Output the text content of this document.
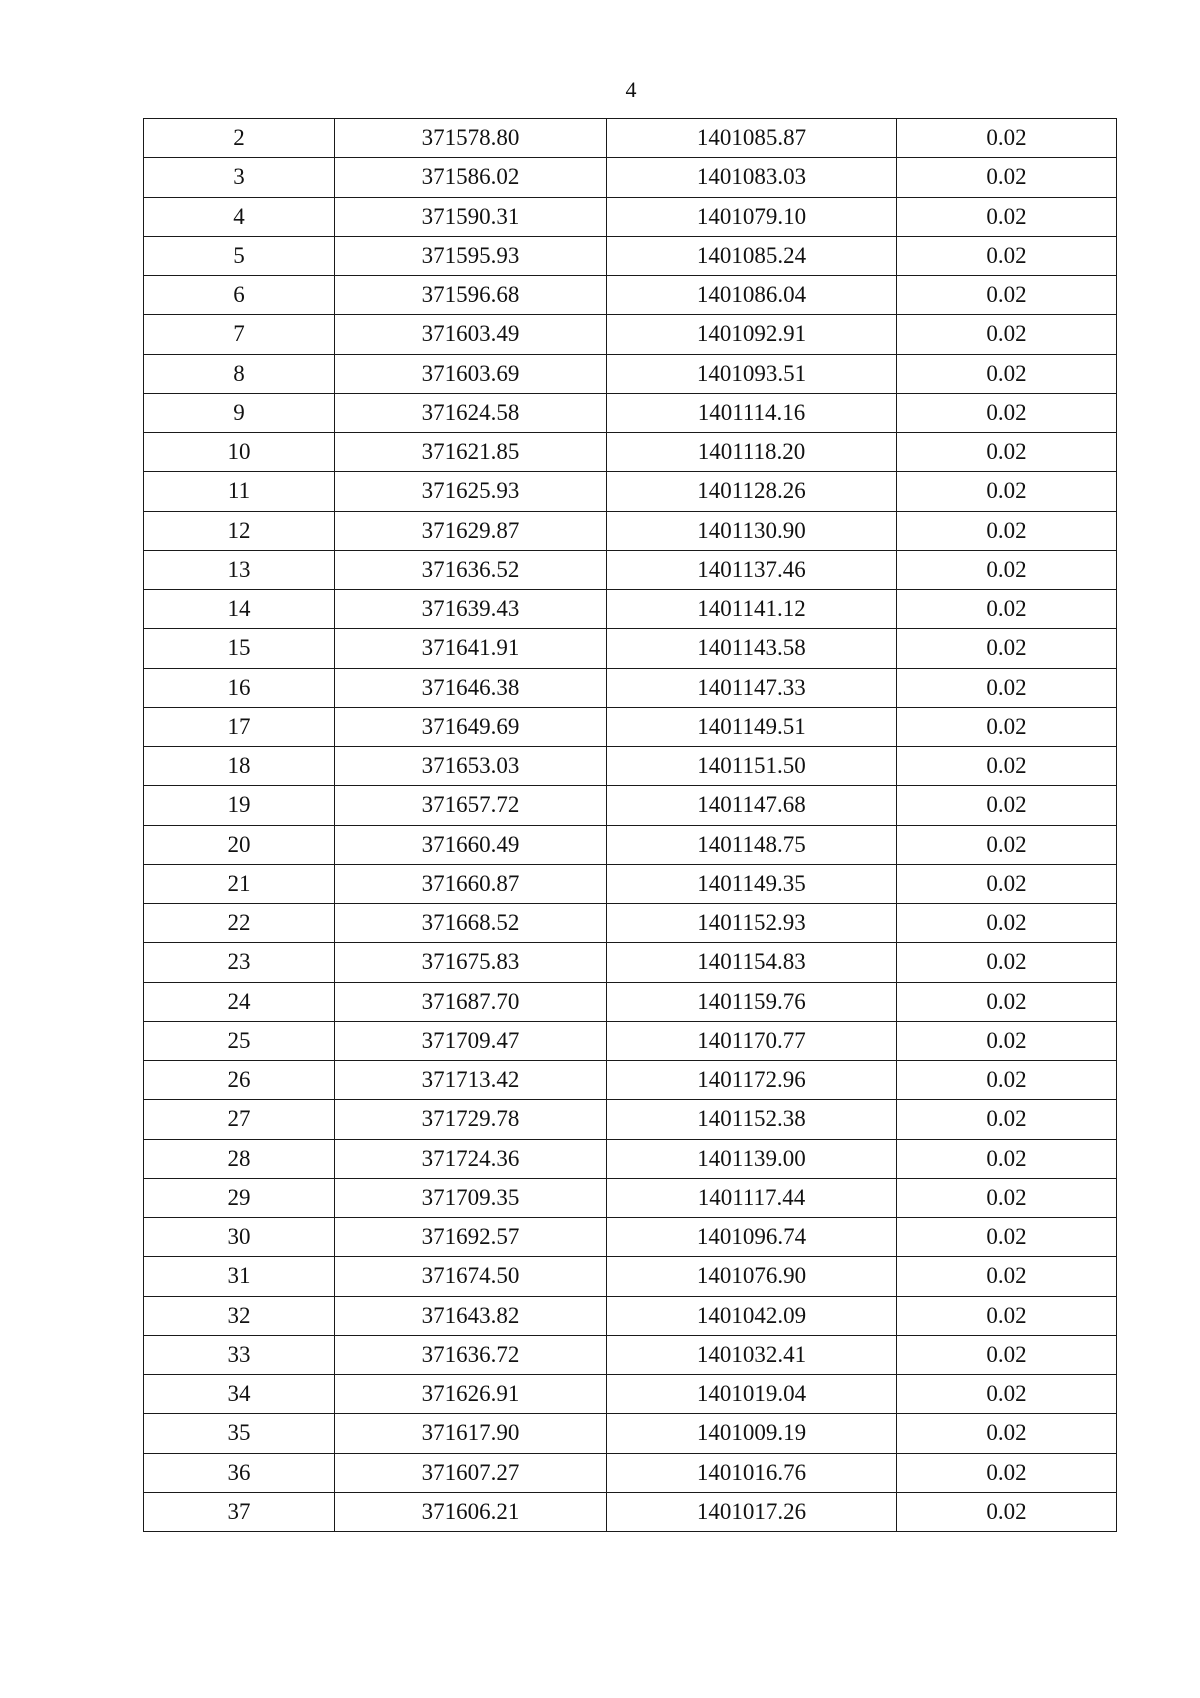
4
2	371578.80	1401085.87	0.02
3	371586.02	1401083.03	0.02
4	371590.31	1401079.10	0.02
5	371595.93	1401085.24	0.02
6	371596.68	1401086.04	0.02
7	371603.49	1401092.91	0.02
8	371603.69	1401093.51	0.02
9	371624.58	1401114.16	0.02
10	371621.85	1401118.20	0.02
11	371625.93	1401128.26	0.02
12	371629.87	1401130.90	0.02
13	371636.52	1401137.46	0.02
14	371639.43	1401141.12	0.02
15	371641.91	1401143.58	0.02
16	371646.38	1401147.33	0.02
17	371649.69	1401149.51	0.02
18	371653.03	1401151.50	0.02
19	371657.72	1401147.68	0.02
20	371660.49	1401148.75	0.02
21	371660.87	1401149.35	0.02
22	371668.52	1401152.93	0.02
23	371675.83	1401154.83	0.02
24	371687.70	1401159.76	0.02
25	371709.47	1401170.77	0.02
26	371713.42	1401172.96	0.02
27	371729.78	1401152.38	0.02
28	371724.36	1401139.00	0.02
29	371709.35	1401117.44	0.02
30	371692.57	1401096.74	0.02
31	371674.50	1401076.90	0.02
32	371643.82	1401042.09	0.02
33	371636.72	1401032.41	0.02
34	371626.91	1401019.04	0.02
35	371617.90	1401009.19	0.02
36	371607.27	1401016.76	0.02
37	371606.21	1401017.26	0.02
